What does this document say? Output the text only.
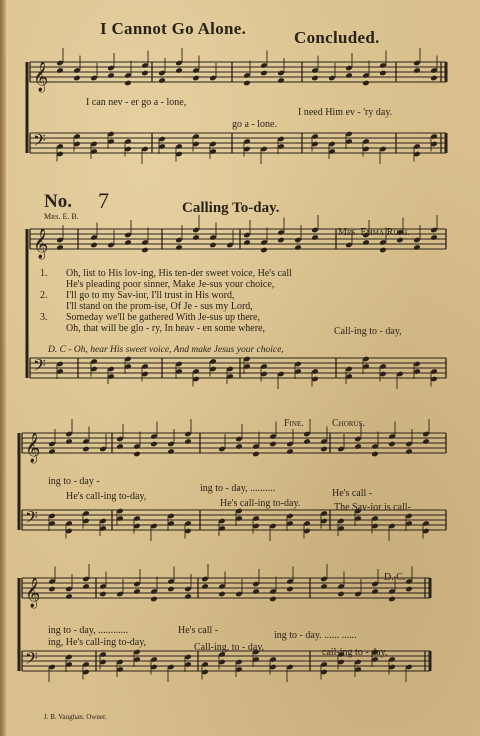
𝄞
𝄢
𝄞
𝄢
𝄞
𝄢
𝄞
𝄢
I Cannot Go Alone.	Concluded.
I can nev - er go a - lone,
I need Him ev - 'ry day.
go a - lone.
No. 7	Calling To-day.
Mrs. E. B.
Mrs. Emma Rush.
1. Oh, list to His lov-ing, His ten-der sweet voice, He's call
He's pleading poor sinner, Make Je-sus your choice,
2. I'll go to my Sav-ior, I'll trust in His word,
I'll stand on the prom-ise, Of Je - sus my Lord,
3. Someday we'll be gathered With Je-sus up there,
Oh, that will be glo - ry, In heav - en some where,	Call-ing to - day,
D. C - Oh, hear His sweet voice, And make Jesus your choice,
Fine.	Chorus.
ing to - day -
ing to - day, ..........	He's call -
He's call-ing to-day,
He's call-ing to-day.	The Sav-ior is call-
D. C.
ing to - day, ............	He's call -	ing to - day. ...... ......
ing, He's call-ing to-day,	Call-ing, to - day,	cail-ing to - day,
J. B. Vaughan. Owner.
